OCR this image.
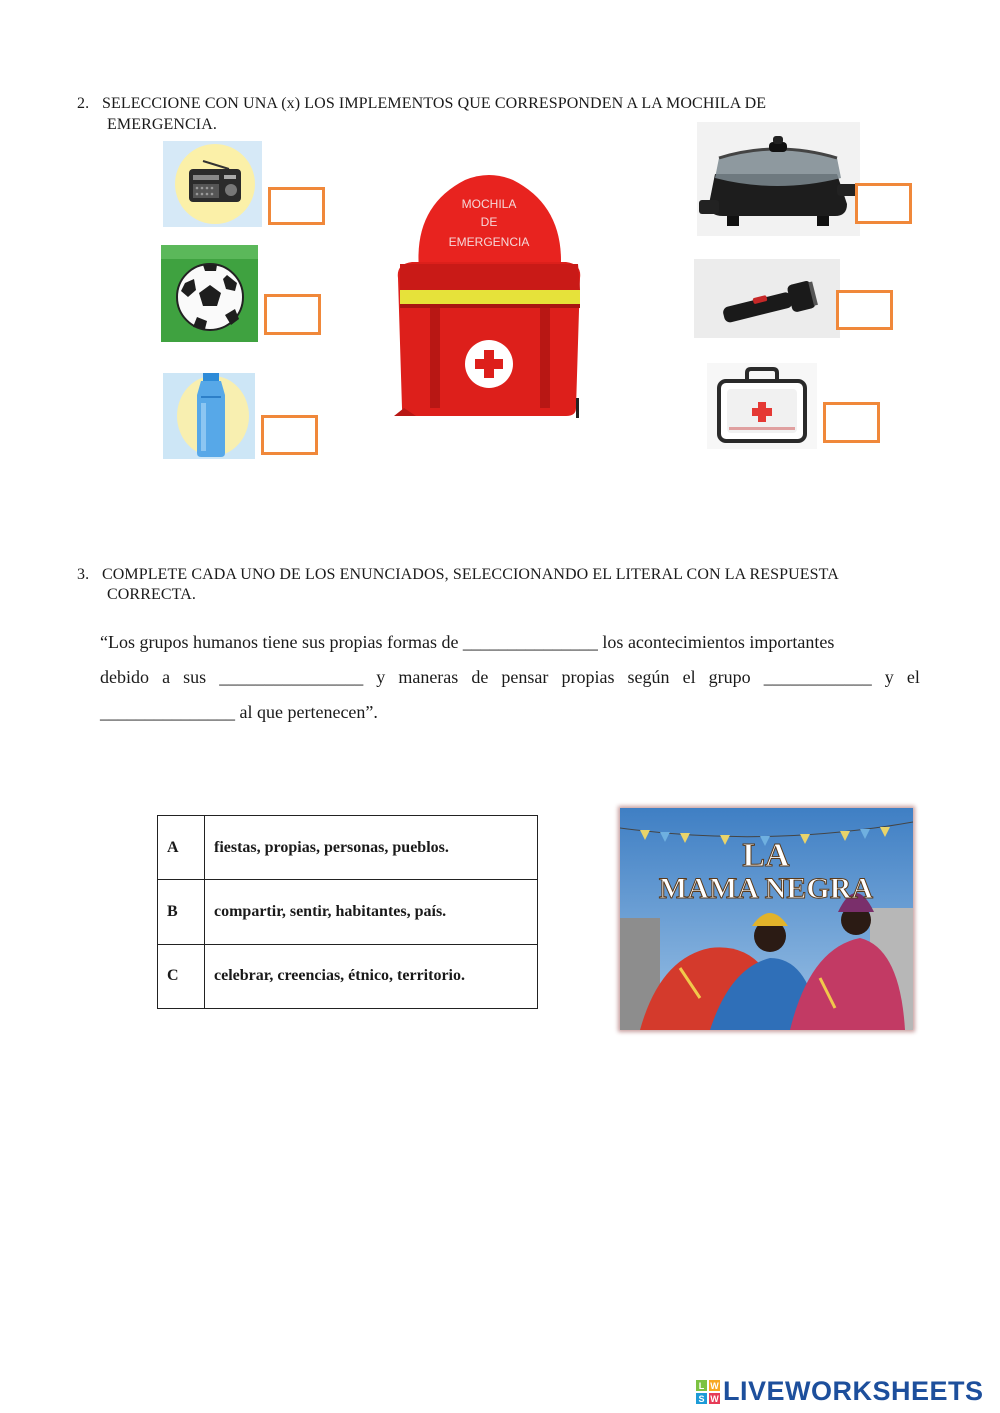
2. SELECCIONE CON UNA (x) LOS IMPLEMENTOS QUE CORRESPONDEN A LA MOCHILA DE
EMERGENCIA.
MOCHILA
DE
EMERGENCIA
3. COMPLETE CADA UNO DE LOS ENUNCIADOS, SELECCIONANDO EL LITERAL CON LA RESPUESTA
CORRECTA.
“Los grupos humanos tiene sus propias formas de _______________ los acontecimientos importantes
debido a sus ________________ y maneras de pensar propias según el grupo ____________ y el
_______________ al que pertenecen”.
A	fiestas, propias, personas, pueblos.
B	compartir, sentir, habitantes, país.
C	celebrar, creencias, étnico, territorio.
LA
MAMA NEGRA
L W
S W LIVEWORKSHEETS
